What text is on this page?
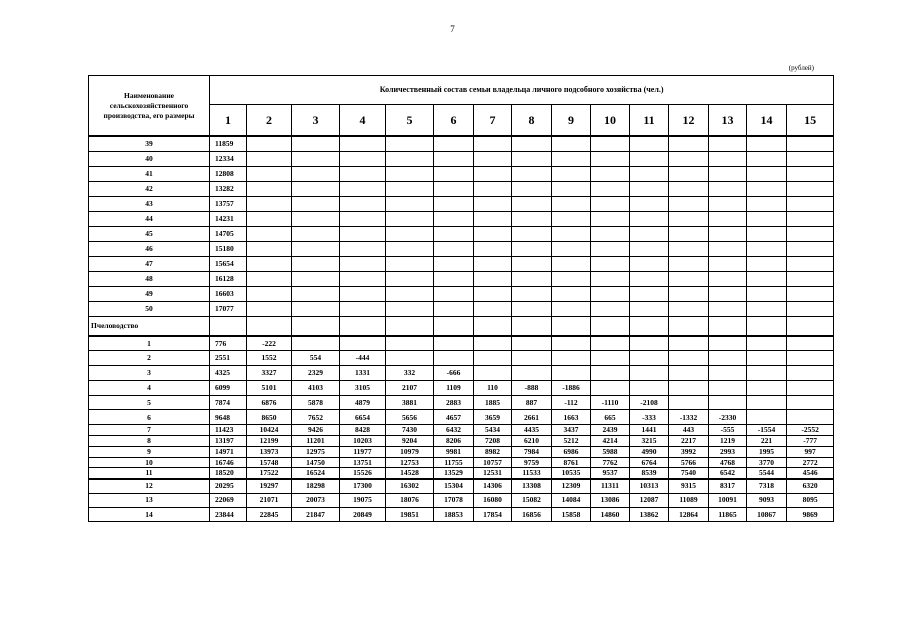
7
(рублей)
Наименование сельскохозяйственного производства, его размеры	Количественный состав семьи владельца личного подсобного хозяйства (чел.)														
	1	2	3	4	5	6	7	8	9	10	11	12	13	14	15
39	11859														
40	12334														
41	12808														
42	13282														
43	13757														
44	14231														
45	14705														
46	15180														
47	15654														
48	16128														
49	16603														
50	17077														
Пчеловодство															
1	776	-222													
2	2551	1552	554	-444											
3	4325	3327	2329	1331	332	-666									
4	6099	5101	4103	3105	2107	1109	110	-888	-1886						
5	7874	6876	5878	4879	3881	2883	1885	887	-112	-1110	-2108				
6	9648	8650	7652	6654	5656	4657	3659	2661	1663	665	-333	-1332	-2330		
7	11423	10424	9426	8428	7430	6432	5434	4435	3437	2439	1441	443	-555	-1554	-2552
8	13197	12199	11201	10203	9204	8206	7208	6210	5212	4214	3215	2217	1219	221	-777
9	14971	13973	12975	11977	10979	9981	8982	7984	6986	5988	4990	3992	2993	1995	997
10	16746	15748	14750	13751	12753	11755	10757	9759	8761	7762	6764	5766	4768	3770	2772
11	18520	17522	16524	15526	14528	13529	12531	11533	10535	9537	8539	7540	6542	5544	4546
12	20295	19297	18298	17300	16302	15304	14306	13308	12309	11311	10313	9315	8317	7318	6320
13	22069	21071	20073	19075	18076	17078	16080	15082	14084	13086	12087	11089	10091	9093	8095
14	23844	22845	21847	20849	19851	18853	17854	16856	15858	14860	13862	12864	11865	10867	9869
